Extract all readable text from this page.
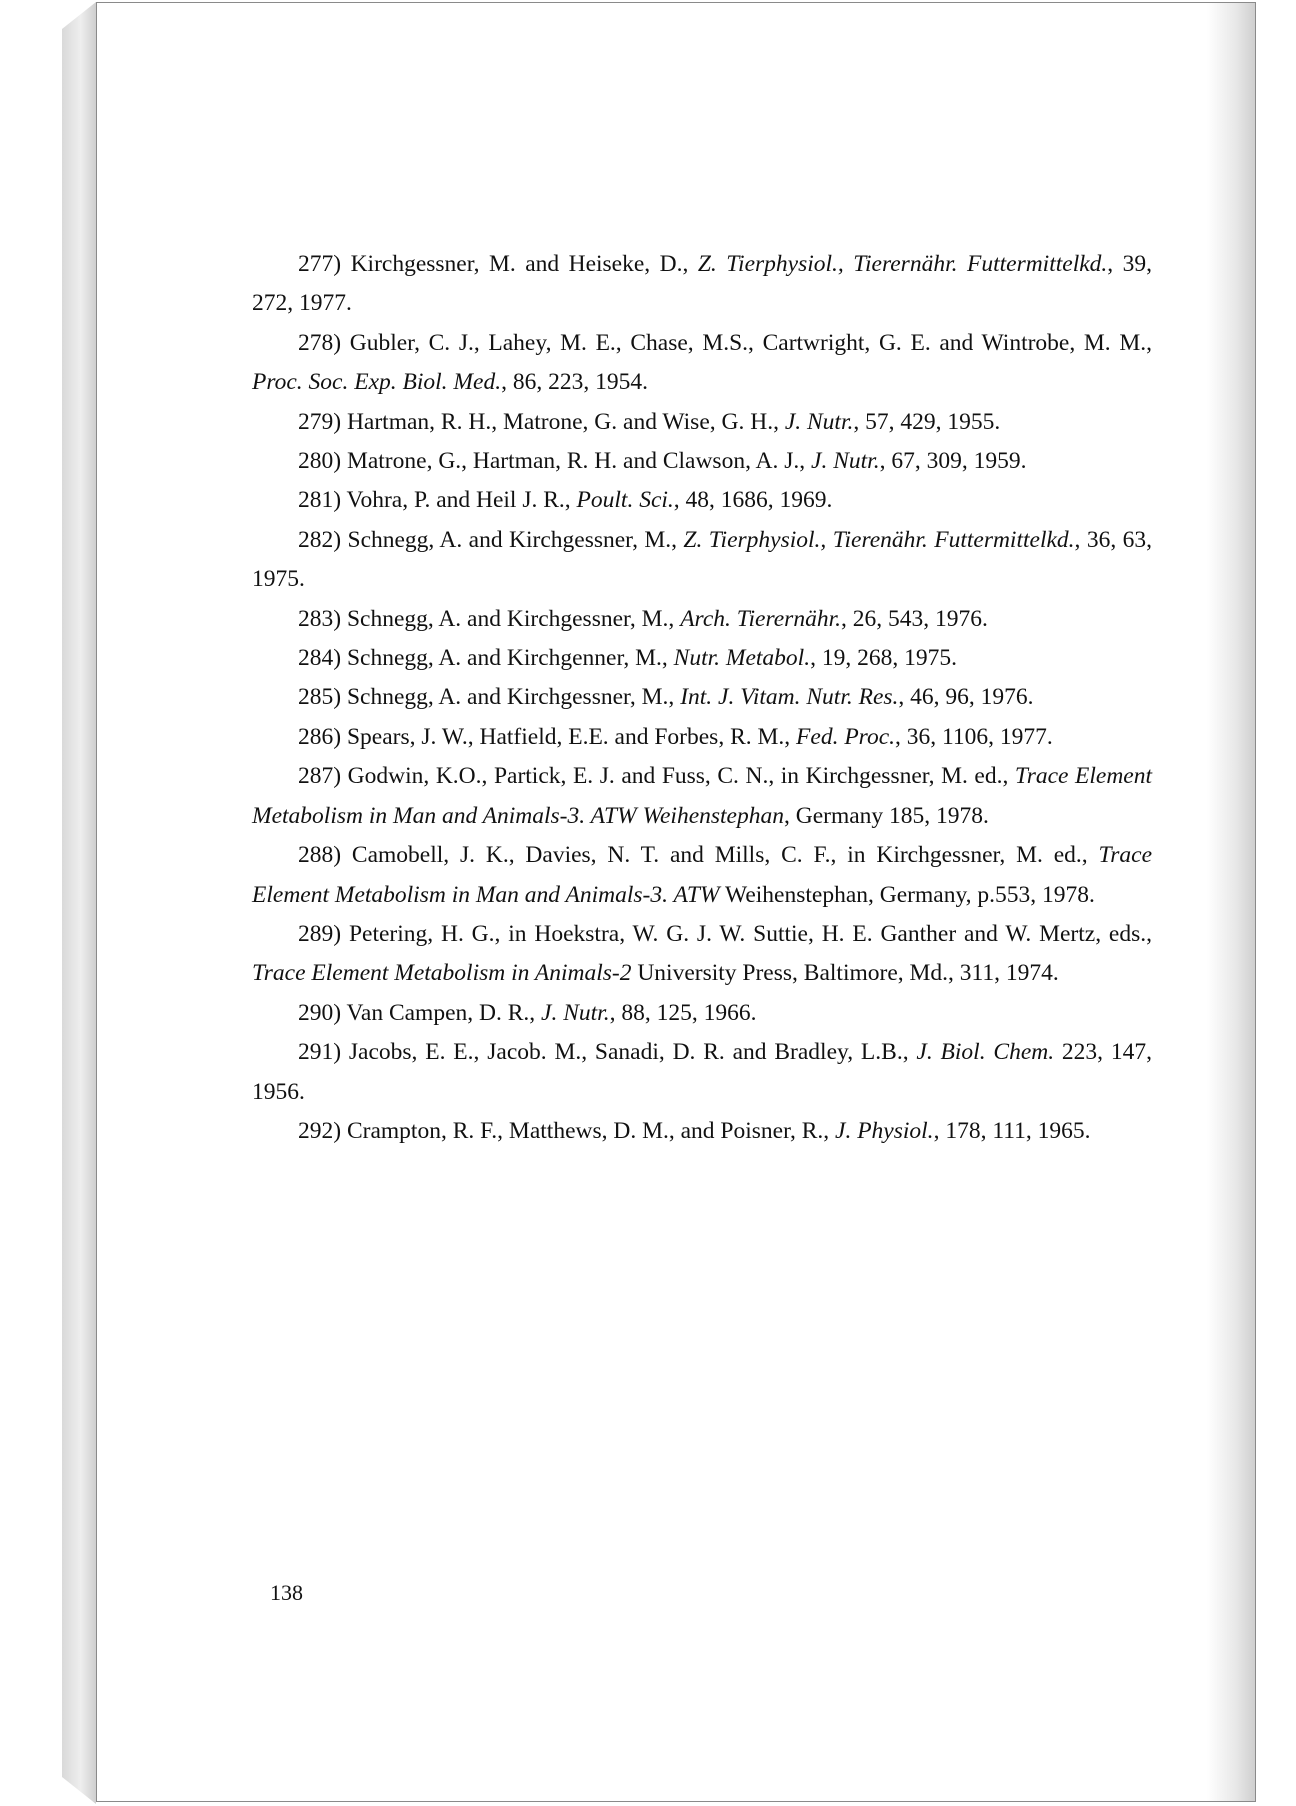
277) Kirchgessner, M. and Heiseke, D., Z. Tierphysiol., Tierernähr. Futtermittelkd., 39, 272, 1977.

278) Gubler, C. J., Lahey, M. E., Chase, M.S., Cartwright, G. E. and Wintrobe, M. M., Proc. Soc. Exp. Biol. Med., 86, 223, 1954.

279) Hartman, R. H., Matrone, G. and Wise, G. H., J. Nutr., 57, 429, 1955.

280) Matrone, G., Hartman, R. H. and Clawson, A. J., J. Nutr., 67, 309, 1959.

281) Vohra, P. and Heil J. R., Poult. Sci., 48, 1686, 1969.

282) Schnegg, A. and Kirchgessner, M., Z. Tierphysiol., Tierenähr. Futtermittelkd., 36, 63, 1975.

283) Schnegg, A. and Kirchgessner, M., Arch. Tierernähr., 26, 543, 1976.

284) Schnegg, A. and Kirchgenner, M., Nutr. Metabol., 19, 268, 1975.

285) Schnegg, A. and Kirchgessner, M., Int. J. Vitam. Nutr. Res., 46, 96, 1976.

286) Spears, J. W., Hatfield, E.E. and Forbes, R. M., Fed. Proc., 36, 1106, 1977.

287) Godwin, K.O., Partick, E. J. and Fuss, C. N., in Kirchgessner, M. ed., Trace Element Metabolism in Man and Animals-3. ATW Weihenstephan, Germany 185, 1978.

288) Camobell, J. K., Davies, N. T. and Mills, C. F., in Kirchgessner, M. ed., Trace Element Metabolism in Man and Animals-3. ATW Weihenstephan, Germany, p.553, 1978.

289) Petering, H. G., in Hoekstra, W. G. J. W. Suttie, H. E. Ganther and W. Mertz, eds., Trace Element Metabolism in Animals-2 University Press, Baltimore, Md., 311, 1974.

290) Van Campen, D. R., J. Nutr., 88, 125, 1966.

291) Jacobs, E. E., Jacob. M., Sanadi, D. R. and Bradley, L.B., J. Biol. Chem. 223, 147, 1956.

292) Crampton, R. F., Matthews, D. M., and Poisner, R., J. Physiol., 178, 111, 1965.

138
